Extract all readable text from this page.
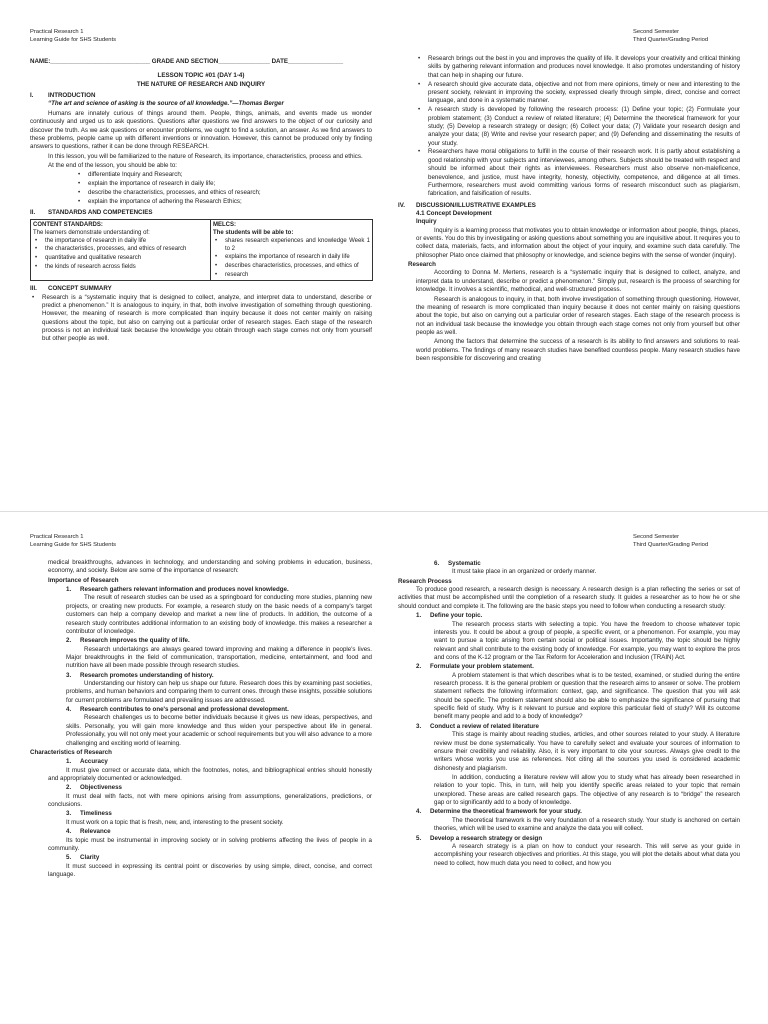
Practical Research 1
Learning Guide for SHS Students
Second Semester
Third Quarter/Grading Period
NAME:_____________________________ GRADE AND SECTION_______________ DATE________________
LESSON TOPIC #01 (DAY 1-4)
THE NATURE OF RESEARCH AND INQUIRY
I. INTRODUCTION

“The art and science of asking is the source of all knowledge.”—Thomas Berger

Humans are innately curious of things around them. People, things, animals, and events made us wonder continuously and urged us to ask questions. Questions after questions we find answers to the object of our curiosity and discover the truth. As we ask questions or encounter problems, we ought to find a solution, an answer. As we find answers to these problems, people came up with different inventions or innovation. However, this cannot be produced only by finding answers to questions, rather it can be done through RESEARCH.

In this lesson, you will be familiarized to the nature of Research, its importance, characteristics, process and ethics.

At the end of the lesson, you should be able to:

• differentiate Inquiry and Research;
• explain the importance of research in daily life;
• describe the characteristics, processes, and ethics of research;
• explain the importance of adhering the Research Ethics;
II. STANDARDS AND COMPETENCIES
CONTENT STANDARDS:
The learners demonstrate understanding of:
• the importance of research in daily life
• the characteristics, processes, and ethics of research
• quantitative and qualitative research
• the kinds of research across fields

MELCS:
The students will be able to:
• shares research experiences and knowledge Week 1 to 2
• explains the importance of research in daily life
• describes characteristics, processes, and ethics of
• research
III. CONCEPT SUMMARY
• Research is a “systematic inquiry that is designed to collect, analyze, and interpret data to understand, describe or predict a phenomenon.” It is analogous to inquiry, in that, both involve investigation of something through questioning. However, the meaning of research is more complicated than inquiry because it does not center mainly on raising questions about the topic, but also on carrying out a particular order of research stages. Each stage of the research process is not an individual task because the knowledge you obtain through each stage comes not only from yourself but other people as well.
• Research brings out the best in you and improves the quality of life. It develops your creativity and critical thinking skills by gathering relevant information and produces novel knowledge. It also promotes understanding of history that can help in shaping our future.
• A research should give accurate data, objective and not from mere opinions, timely or new and interesting to the present society, relevant in improving the society, expressed clearly through simple, direct, concise and correct language, and done in a systematic manner.
• A research study is developed by following the research process: (1) Define your topic; (2) Formulate your problem statement; (3) Conduct a review of related literature; (4) Determine the theoretical framework for your study; (5) Develop a research strategy or design; (6) Collect your data; (7) Validate your research design and analyze your data; (8) Write and revise your research paper; and (9) Defending and disseminating the results of your study.
• Researchers have moral obligations to fulfill in the course of their research work. It is partly about establishing a good relationship with your subjects and interviewees, among others. Subjects should be treated with respect and should be informed about their rights as interviewees. Researchers must also observe non-maleficence, benevolence, and justice, must have integrity, honesty, objectivity, competence, and diligence at all times. Furthermore, researchers must avoid committing various forms of research misconduct such as plagiarism, fabrication, and falsification of results.
IV. DISCUSSION/ILLUSTRATIVE EXAMPLES
4.1 Concept Development
Inquiry

Inquiry is a learning process that motivates you to obtain knowledge or information about people, things, places, or events. You do this by investigating or asking questions about something you are inquisitive about. It requires you to collect data, materials, facts, and information about the object of your inquiry, and examine such data carefully. The philosopher Plato once claimed that philosophy or knowledge, and science begins with the sense of wonder (inquiry).

Research

According to Donna M. Mertens, research is a “systematic inquiry that is designed to collect, analyze, and interpret data to understand, describe or predict a phenomenon.” Simply put, research is the process of searching for knowledge. It involves a scientific, methodical, and well-structured process.

Research is analogous to inquiry, in that, both involve investigation of something through questioning. However, the meaning of research is more complicated than inquiry because it does not center mainly on raising questions about the topic, but also on carrying out a particular order of research stages. Each stage of the research process is not an individual task because the knowledge you obtain through each stage comes not only from yourself but other people as well.

Among the factors that determine the success of a research is its ability to find answers and solutions to real-world problems. The findings of many research studies have benefited countless people. Many research studies have been responsible for discovering and creating

Practical Research 1
Learning Guide for SHS Students
Second Semester
Third Quarter/Grading Period

medical breakthroughs, advances in technology, and understanding and solving problems in education, business, economy, and society. Below are some of the importance of research:

Importance of Research
1. Research gathers relevant information and produces novel knowledge.

The result of research studies can be used as a springboard for conducting more studies, planning new projects, or creating new products. For example, a research study on the basic needs of a company's target customers can help a company develop and market a new line of products. In addition, the outcome of a research study contributes additional information to an existing body of knowledge. this makes a researcher a contributor of knowledge.

2. Research improves the quality of life.

Research undertakings are always geared toward improving and making a difference in people's lives. Major breakthroughs in the field of communication, transportation, medicine, entertainment, and food and nutrition have all been made possible through research studies.

3. Research promotes understanding of history.

Understanding our history can help us shape our future. Research does this by examining past societies, problems, and human behaviors and comparing them to current ones. through these insights, possible solutions for current problems are formulated and prevailing issues are addressed.

4. Research contributes to one's personal and professional development.

Research challenges us to become better individuals because it gives us new ideas, perspectives, and skills. Personally, you will gain more knowledge and thus widen your perspective about life in general. Professionally, you will not only meet your academic or school requirements but you will also advance to a more challenging and exciting world of learning.

Characteristics of Research
1. Accuracy

It must give correct or accurate data, which the footnotes, notes, and bibliographical entries should honestly and appropriately documented or acknowledged.

2. Objectiveness

It must deal with facts, not with mere opinions arising from assumptions, generalizations, predictions, or conclusions.

3. Timeliness

It must work on a topic that is fresh, new, and, interesting to the present society.

4. Relevance

Its topic must be instrumental in improving society or in solving problems affecting the lives of people in a community.

5. Clarity

It must succeed in expressing its central point or discoveries by using simple, direct, concise, and correct language.

6. Systematic

It must take place in an organized or orderly manner.

Research Process

To produce good research, a research design is necessary. A research design is a plan reflecting the series or set of activities that must be accomplished until the completion of a research study. It guides a researcher as to how he or she should conduct and complete it. The following are the basic steps you need to follow when conducting a research study:

1. Define your topic.

The research process starts with selecting a topic. You have the freedom to choose whatever topic interests you. It could be about a group of people, a specific event, or a phenomenon. For example, you may want to pursue a topic arising from certain social or political issues. Importantly, the topic should be highly relevant and shall contribute to the existing body of knowledge. For example, you may want to explore the pros and cons of the K-12 program or the Tax Reform for Acceleration and Inclusion (TRAIN) Act.

2. Formulate your problem statement.

A problem statement is that which describes what is to be tested, examined, or studied during the entire research process. It is the general problem or question that the research aims to answer or solve. The problem statement reflects the following information: context, gap, and significance. The question that you will ask should be specific. The problem statement should also be able to emphasize the significance of pursuing that specific field of study. Why is it relevant to pursue and explore this particular field of study? Will its outcome benefit many people and add to a body of knowledge?

3. Conduct a review of related literature

This stage is mainly about reading studies, articles, and other sources related to your study. A literature review must be done systematically. You have to carefully select and evaluate your sources of information to ensure their credibility and reliability. Also, it is very important to cite your sources. Always give credit to the writers whose works you use as references. Not citing all the sources you used is considered academic dishonesty and plagiarism.

In addition, conducting a literature review will allow you to study what has already been researched in relation to your topic. This, in turn, will help you identify specific areas related to your topic that remain unexplored. These areas are called research gaps. The objective of any research is to “bridge” the research gap or to significantly add to a body of knowledge.

4. Determine the theoretical framework for your study.

The theoretical framework is the very foundation of a research study. Your study is anchored on certain theories, which will be used to examine and analyze the data you will collect.

5. Develop a research strategy or design

A research strategy is a plan on how to conduct your research. This will serve as your guide in accomplishing your research objectives and priorities. At this stage, you will plot the details about what data you need to collect, how much data you need to collect, and how you
